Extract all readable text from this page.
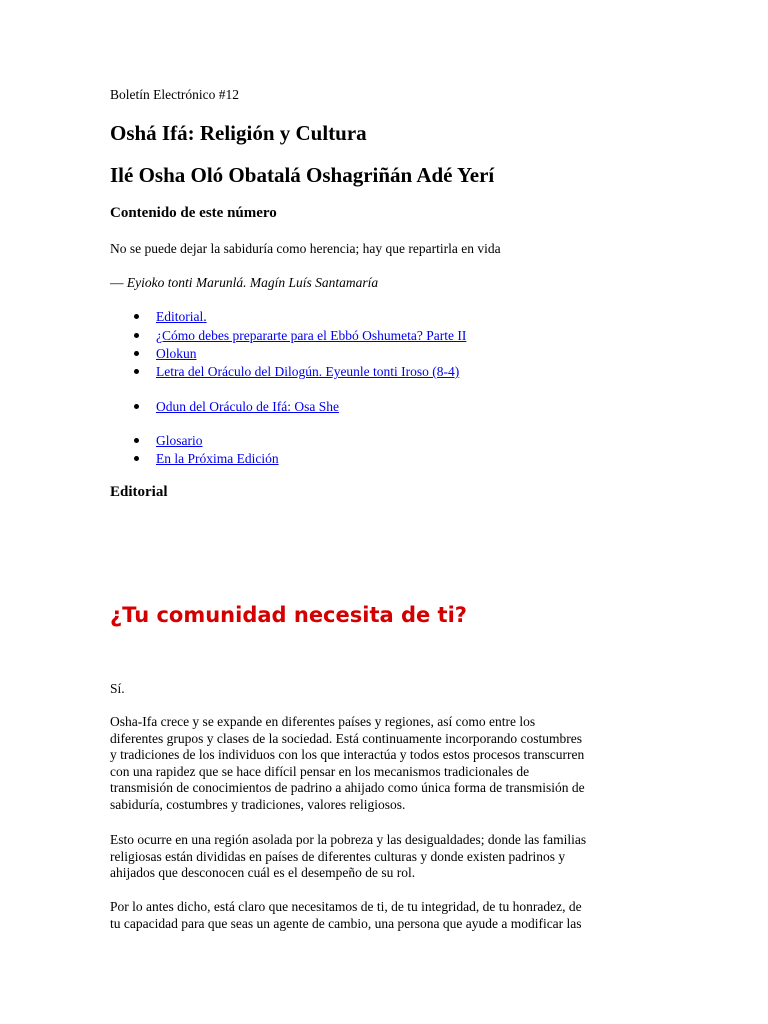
Boletín Electrónico #12
Oshá Ifá: Religión y Cultura
Ilé Osha Oló Obatalá Oshagriñán Adé Yerí
Contenido de este número
No se puede dejar la sabiduría como herencia; hay que repartirla en vida
— Eyioko tonti Marunlá. Magín Luís Santamaría
Editorial.
¿Cómo debes prepararte para el Ebbó Oshumeta? Parte II
Olokun
Letra del Oráculo del Dilogún. Eyeunle tonti Iroso (8-4)
Odun del Oráculo de Ifá: Osa She
Glosario
En la Próxima Edición
Editorial
¿Tu comunidad necesita de ti?
Sí.

Osha-Ifa crece y se expande en diferentes países y regiones, así como entre los

diferentes grupos y clases de la sociedad. Está continuamente incorporando costumbres

y tradiciones de los individuos con los que interactúa y todos estos procesos transcurren

con una rapidez que se hace difícil pensar en los mecanismos tradicionales de

transmisión de conocimientos de padrino a ahijado como única forma de transmisión de

sabiduría, costumbres y tradiciones, valores religiosos.

Esto ocurre en una región asolada por la pobreza y las desigualdades; donde las familias

religiosas están divididas en países de diferentes culturas y donde existen padrinos y

ahijados que desconocen cuál es el desempeño de su rol.

Por lo antes dicho, está claro que necesitamos de ti, de tu integridad, de tu honradez, de

tu capacidad para que seas un agente de cambio, una persona que ayude a modificar las
